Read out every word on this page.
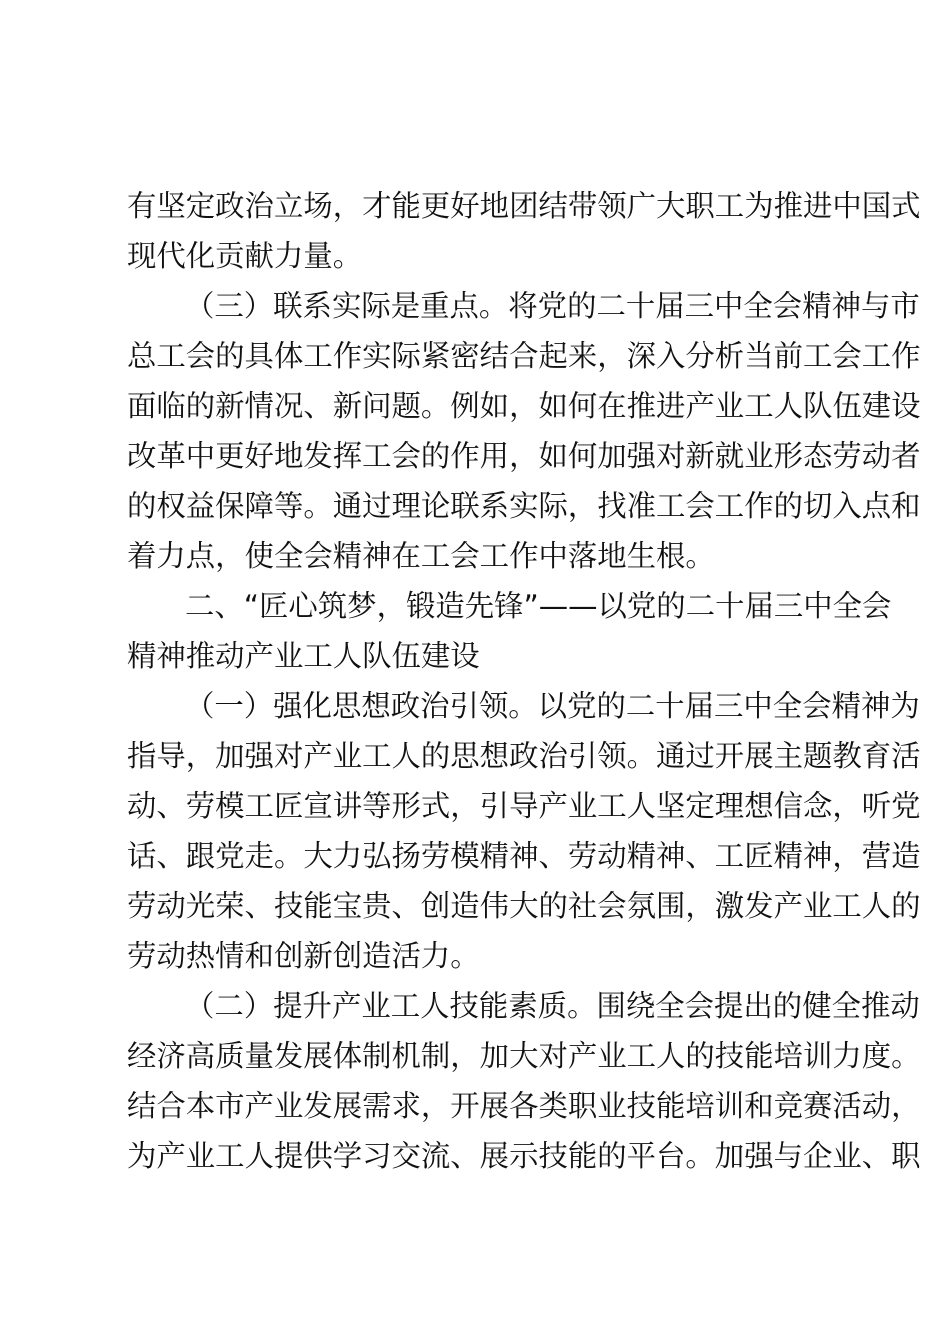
有坚定政治立场，才能更好地团结带领广大职工为推进中国式
现代化贡献力量。
（三）联系实际是重点。将党的二十届三中全会精神与市
总工会的具体工作实际紧密结合起来，深入分析当前工会工作
面临的新情况、新问题。例如，如何在推进产业工人队伍建设
改革中更好地发挥工会的作用，如何加强对新就业形态劳动者
的权益保障等。通过理论联系实际，找准工会工作的切入点和
着力点，使全会精神在工会工作中落地生根。
二、“匠心筑梦，锻造先锋”——以党的二十届三中全会
精神推动产业工人队伍建设
（一）强化思想政治引领。以党的二十届三中全会精神为
指导，加强对产业工人的思想政治引领。通过开展主题教育活
动、劳模工匠宣讲等形式，引导产业工人坚定理想信念，听党
话、跟党走。大力弘扬劳模精神、劳动精神、工匠精神，营造
劳动光荣、技能宝贵、创造伟大的社会氛围，激发产业工人的
劳动热情和创新创造活力。
（二）提升产业工人技能素质。围绕全会提出的健全推动
经济高质量发展体制机制，加大对产业工人的技能培训力度。
结合本市产业发展需求，开展各类职业技能培训和竞赛活动，
为产业工人提供学习交流、展示技能的平台。加强与企业、职
